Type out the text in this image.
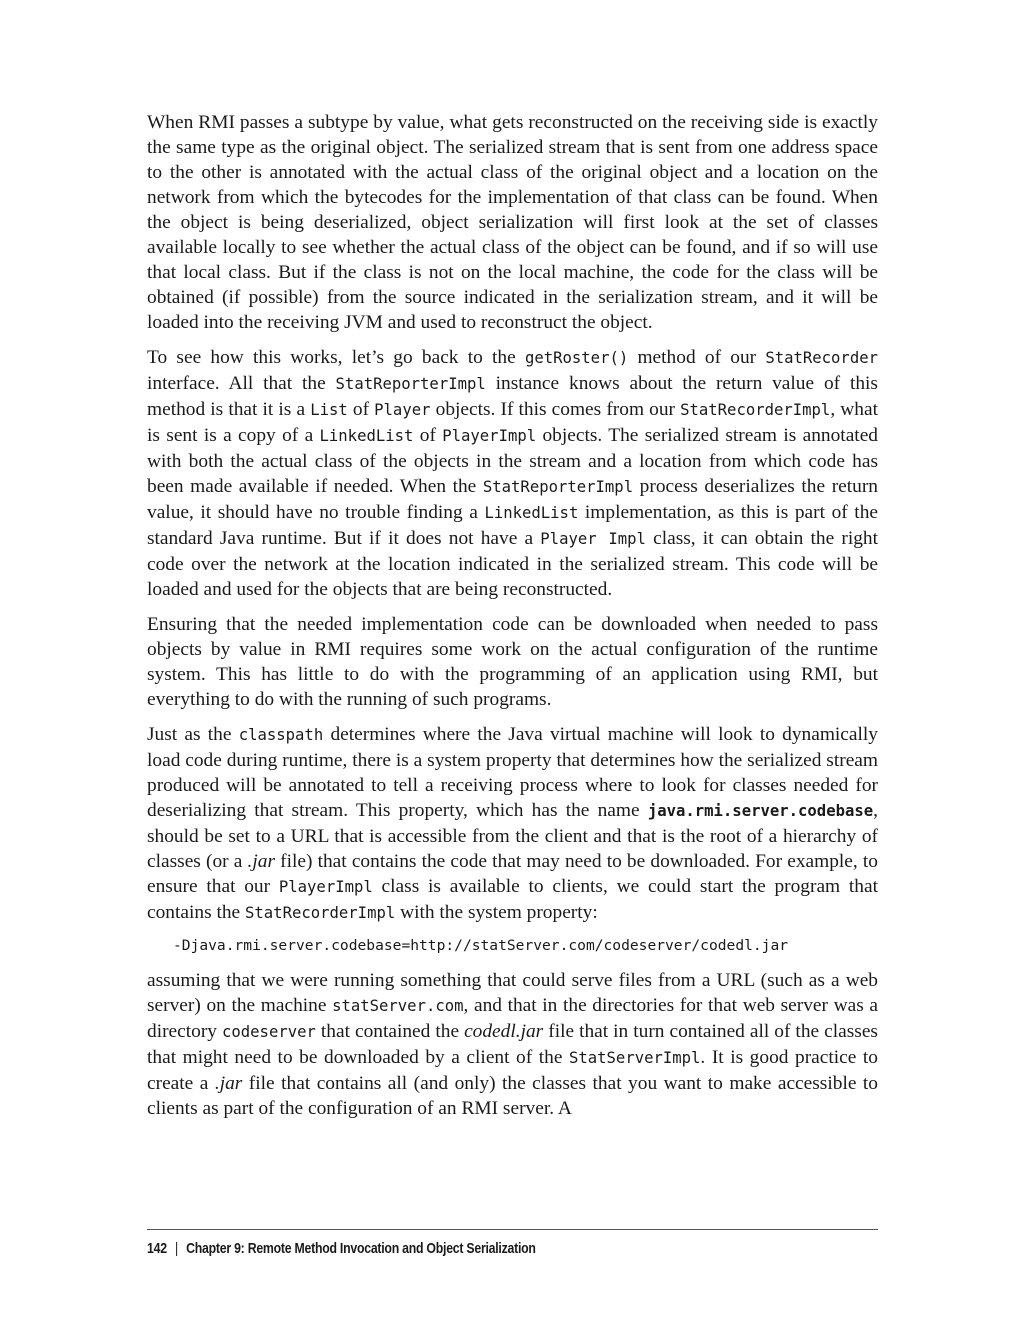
When RMI passes a subtype by value, what gets reconstructed on the receiving side is exactly the same type as the original object. The serialized stream that is sent from one address space to the other is annotated with the actual class of the original object and a location on the network from which the bytecodes for the implementation of that class can be found. When the object is being deserialized, object serialization will first look at the set of classes available locally to see whether the actual class of the object can be found, and if so will use that local class. But if the class is not on the local machine, the code for the class will be obtained (if possible) from the source indicated in the serialization stream, and it will be loaded into the receiving JVM and used to reconstruct the object.

To see how this works, let’s go back to the getRoster() method of our StatRecorder interface. All that the StatReporterImpl instance knows about the return value of this method is that it is a List of Player objects. If this comes from our StatRecorderImpl, what is sent is a copy of a LinkedList of PlayerImpl objects. The serialized stream is annotated with both the actual class of the objects in the stream and a location from which code has been made available if needed. When the StatReporterImpl process deserializes the return value, it should have no trouble finding a LinkedList implementation, as this is part of the standard Java runtime. But if it does not have a Player Impl class, it can obtain the right code over the network at the location indicated in the serialized stream. This code will be loaded and used for the objects that are being reconstructed.

Ensuring that the needed implementation code can be downloaded when needed to pass objects by value in RMI requires some work on the actual configuration of the runtime system. This has little to do with the programming of an application using RMI, but everything to do with the running of such programs.

Just as the classpath determines where the Java virtual machine will look to dynamically load code during runtime, there is a system property that determines how the serialized stream produced will be annotated to tell a receiving process where to look for classes needed for deserializing that stream. This property, which has the name java.rmi.server.codebase, should be set to a URL that is accessible from the client and that is the root of a hierarchy of classes (or a .jar file) that contains the code that may need to be downloaded. For example, to ensure that our PlayerImpl class is available to clients, we could start the program that contains the StatRecorderImpl with the system property:

-Djava.rmi.server.codebase=http://statServer.com/codeserver/codedl.jar

assuming that we were running something that could serve files from a URL (such as a web server) on the machine statServer.com, and that in the directories for that web server was a directory codeserver that contained the codedl.jar file that in turn contained all of the classes that might need to be downloaded by a client of the StatServerImpl. It is good practice to create a .jar file that contains all (and only) the classes that you want to make accessible to clients as part of the configuration of an RMI server. A

142 | Chapter 9: Remote Method Invocation and Object Serialization
